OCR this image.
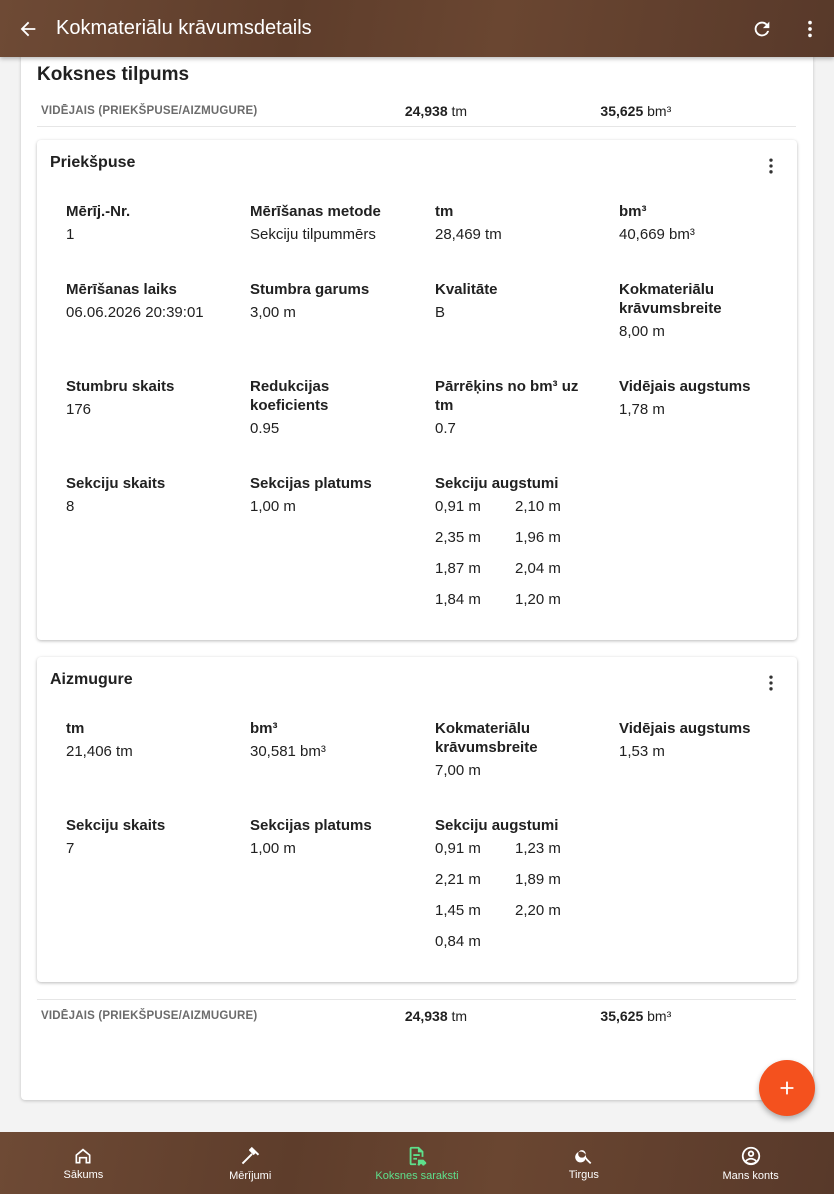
Kokmateriālu krāvumsdetails
Koksnes tilpums
VIDĒJAIS (PRIEKŠPUSE/AIZMUGURE)	24,938 tm	35,625 bm³
Priekšpuse
Mērīj.-Nr.
1
Mērīšanas metode
Sekciju tilpummērs
tm
28,469 tm
bm³
40,669 bm³
Mērīšanas laiks
06.06.2026 20:39:01
Stumbra garums
3,00 m
Kvalitāte
B
Kokmateriālu krāvumsbreite
8,00 m
Stumbru skaits
176
Redukcijas koeficients
0.95
Pārrēķins no bm³ uz tm
0.7
Vidējais augstums
1,78 m
Sekciju skaits
8
Sekcijas platums
1,00 m
Sekciju augstumi
0,91 m	2,10 m
2,35 m	1,96 m
1,87 m	2,04 m
1,84 m	1,20 m
Aizmugure
tm
21,406 tm
bm³
30,581 bm³
Kokmateriālu krāvumsbreite
7,00 m
Vidējais augstums
1,53 m
Sekciju skaits
7
Sekcijas platums
1,00 m
Sekciju augstumi
0,91 m	1,23 m
2,21 m	1,89 m
1,45 m	2,20 m
0,84 m
VIDĒJAIS (PRIEKŠPUSE/AIZMUGURE)	24,938 tm	35,625 bm³
Sākums	Mērījumi	Koksnes saraksti	Tirgus	Mans konts
